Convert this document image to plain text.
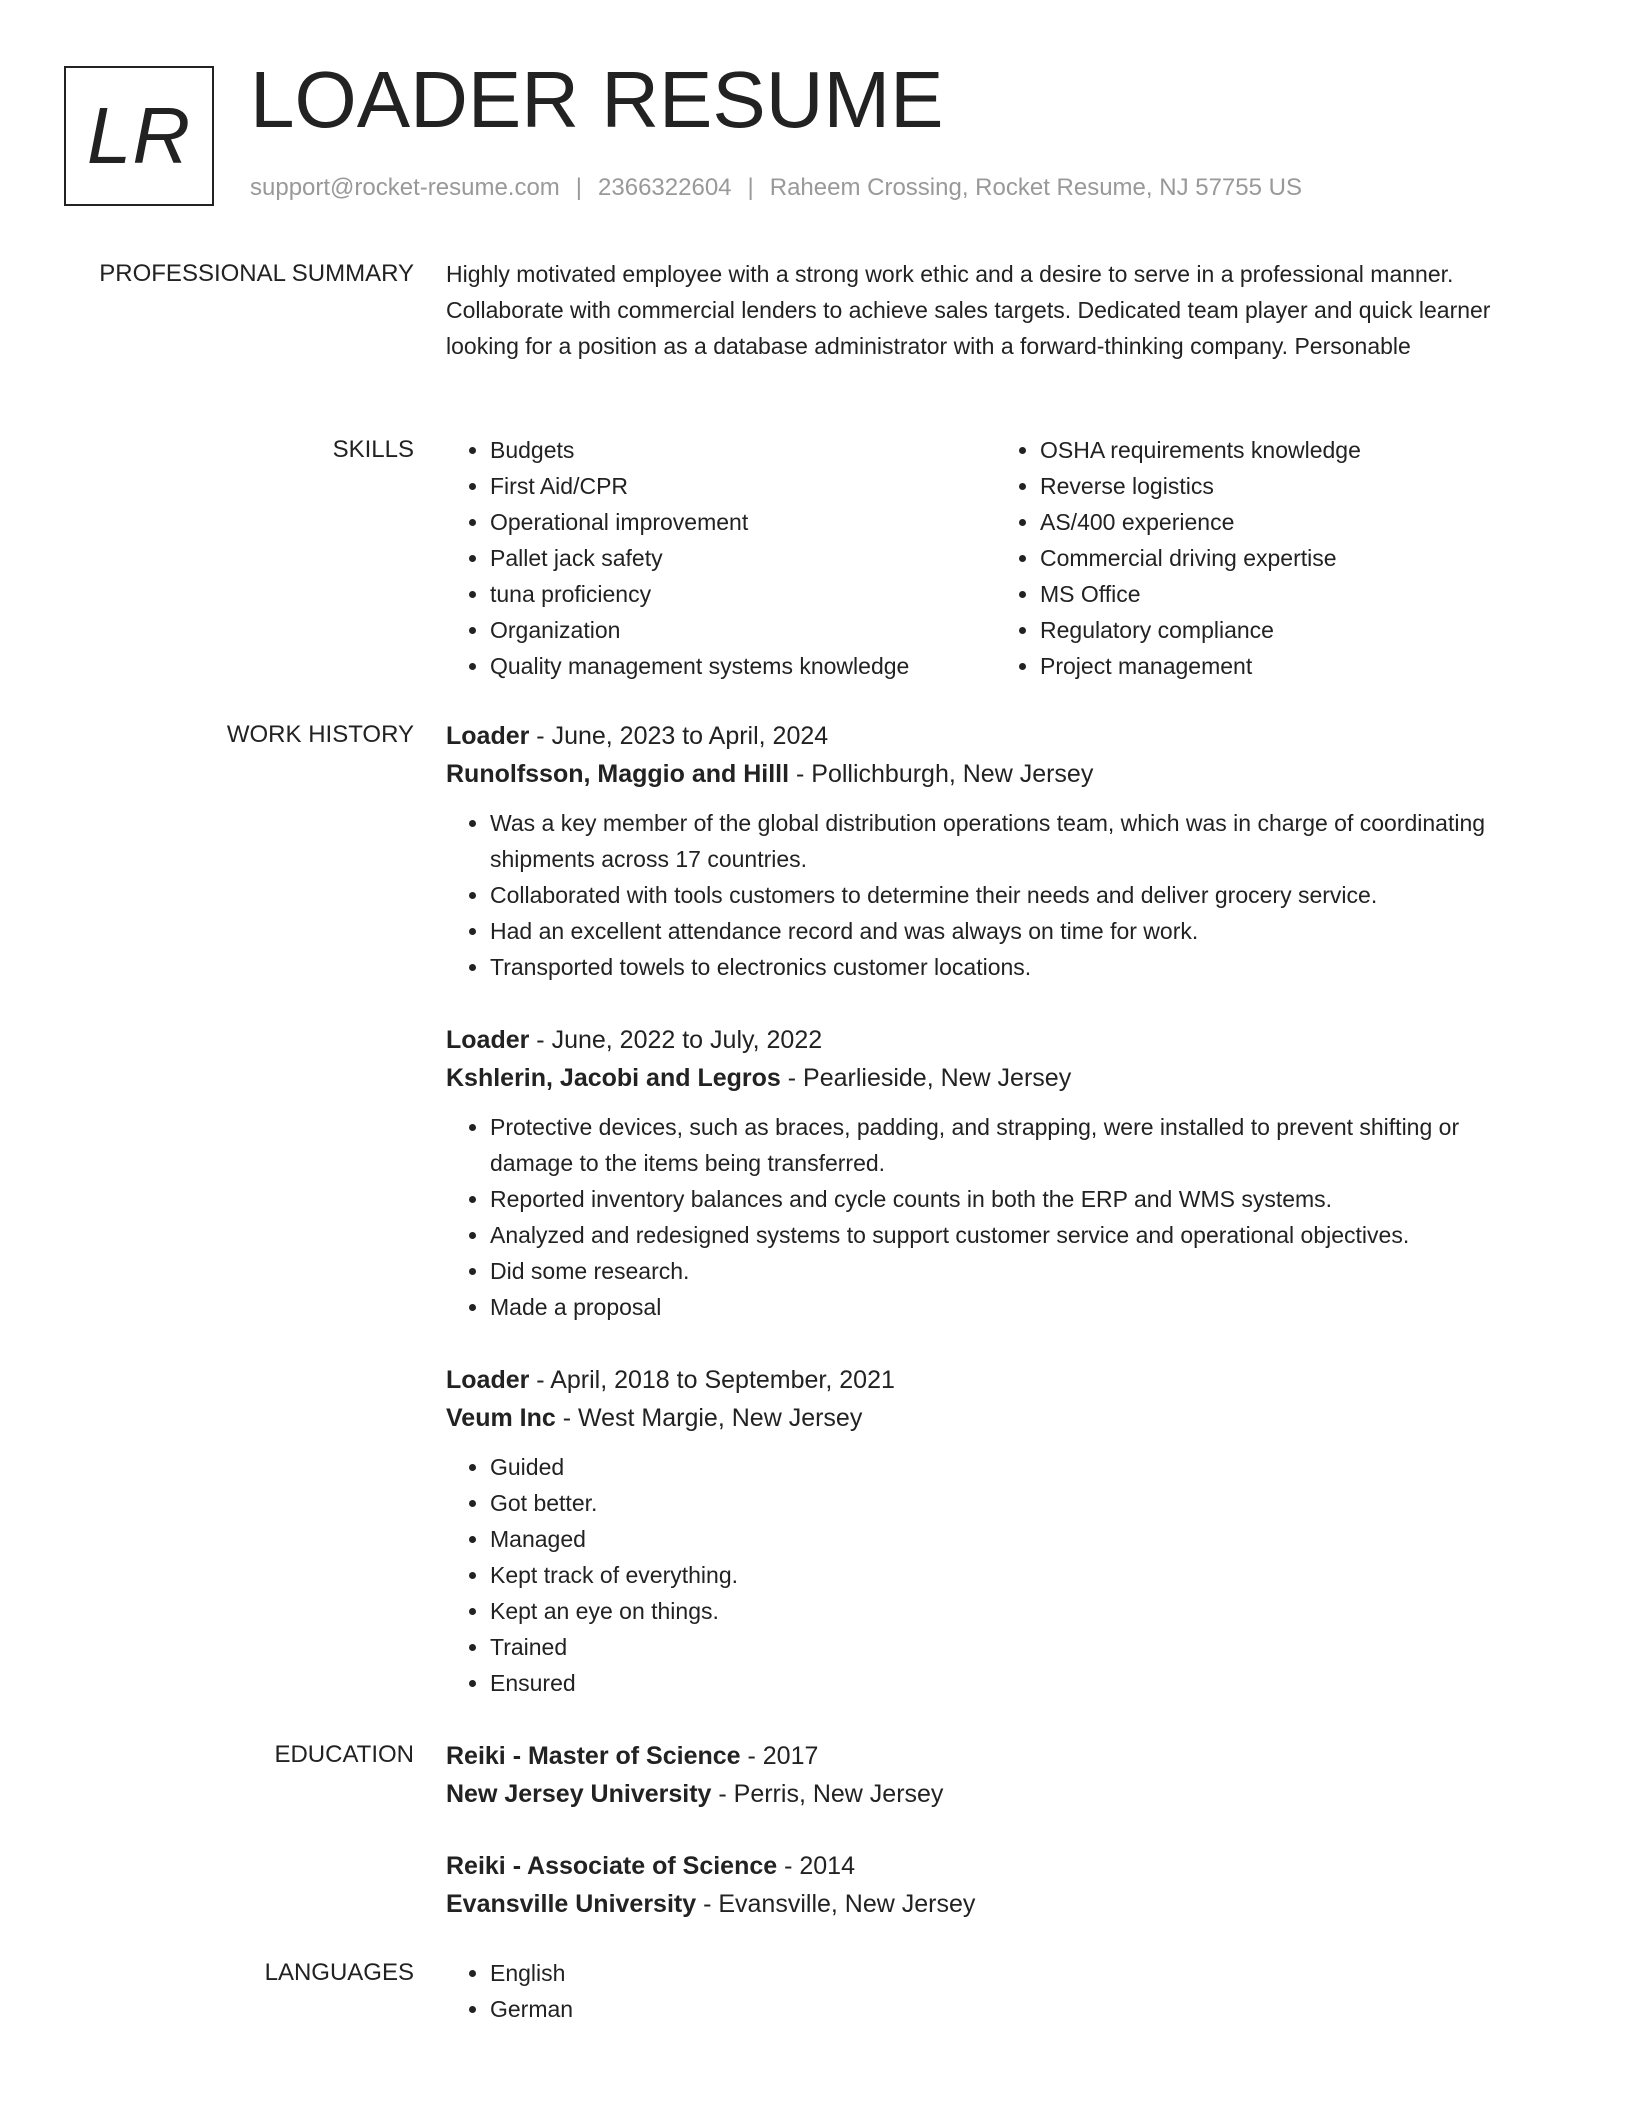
LR LOADER RESUME
support@rocket-resume.com | 2366322604 | Raheem Crossing, Rocket Resume, NJ 57755 US
PROFESSIONAL SUMMARY Highly motivated employee with a strong work ethic and a desire to serve in a professional manner. Collaborate with commercial lenders to achieve sales targets. Dedicated team player and quick learner looking for a position as a database administrator with a forward-thinking company. Personable

SKILLS	• Budgets
• First Aid/CPR
• Operational improvement
• Pallet jack safety
• tuna proficiency
• Organization
• Quality management systems knowledge
• OSHA requirements knowledge
• Reverse logistics
• AS/400 experience
• Commercial driving expertise
• MS Office
• Regulatory compliance
• Project management
WORK HISTORY Loader - June, 2023 to April, 2024
Runolfsson, Maggio and Hilll - Pollichburgh, New Jersey
• Was a key member of the global distribution operations team, which was in charge of coordinating shipments across 17 countries.
• Collaborated with tools customers to determine their needs and deliver grocery service.
• Had an excellent attendance record and was always on time for work.
• Transported towels to electronics customer locations.
Loader - June, 2022 to July, 2022
Kshlerin, Jacobi and Legros - Pearlieside, New Jersey
• Protective devices, such as braces, padding, and strapping, were installed to prevent shifting or damage to the items being transferred.
• Reported inventory balances and cycle counts in both the ERP and WMS systems.
• Analyzed and redesigned systems to support customer service and operational objectives.
• Did some research.
• Made a proposal
Loader - April, 2018 to September, 2021
Veum Inc - West Margie, New Jersey
• Guided
• Got better.
• Managed
• Kept track of everything.
• Kept an eye on things.
• Trained
• Ensured
EDUCATION Reiki - Master of Science - 2017
New Jersey University - Perris, New Jersey
Reiki - Associate of Science - 2014
Evansville University - Evansville, New Jersey
LANGUAGES	• English
• German
